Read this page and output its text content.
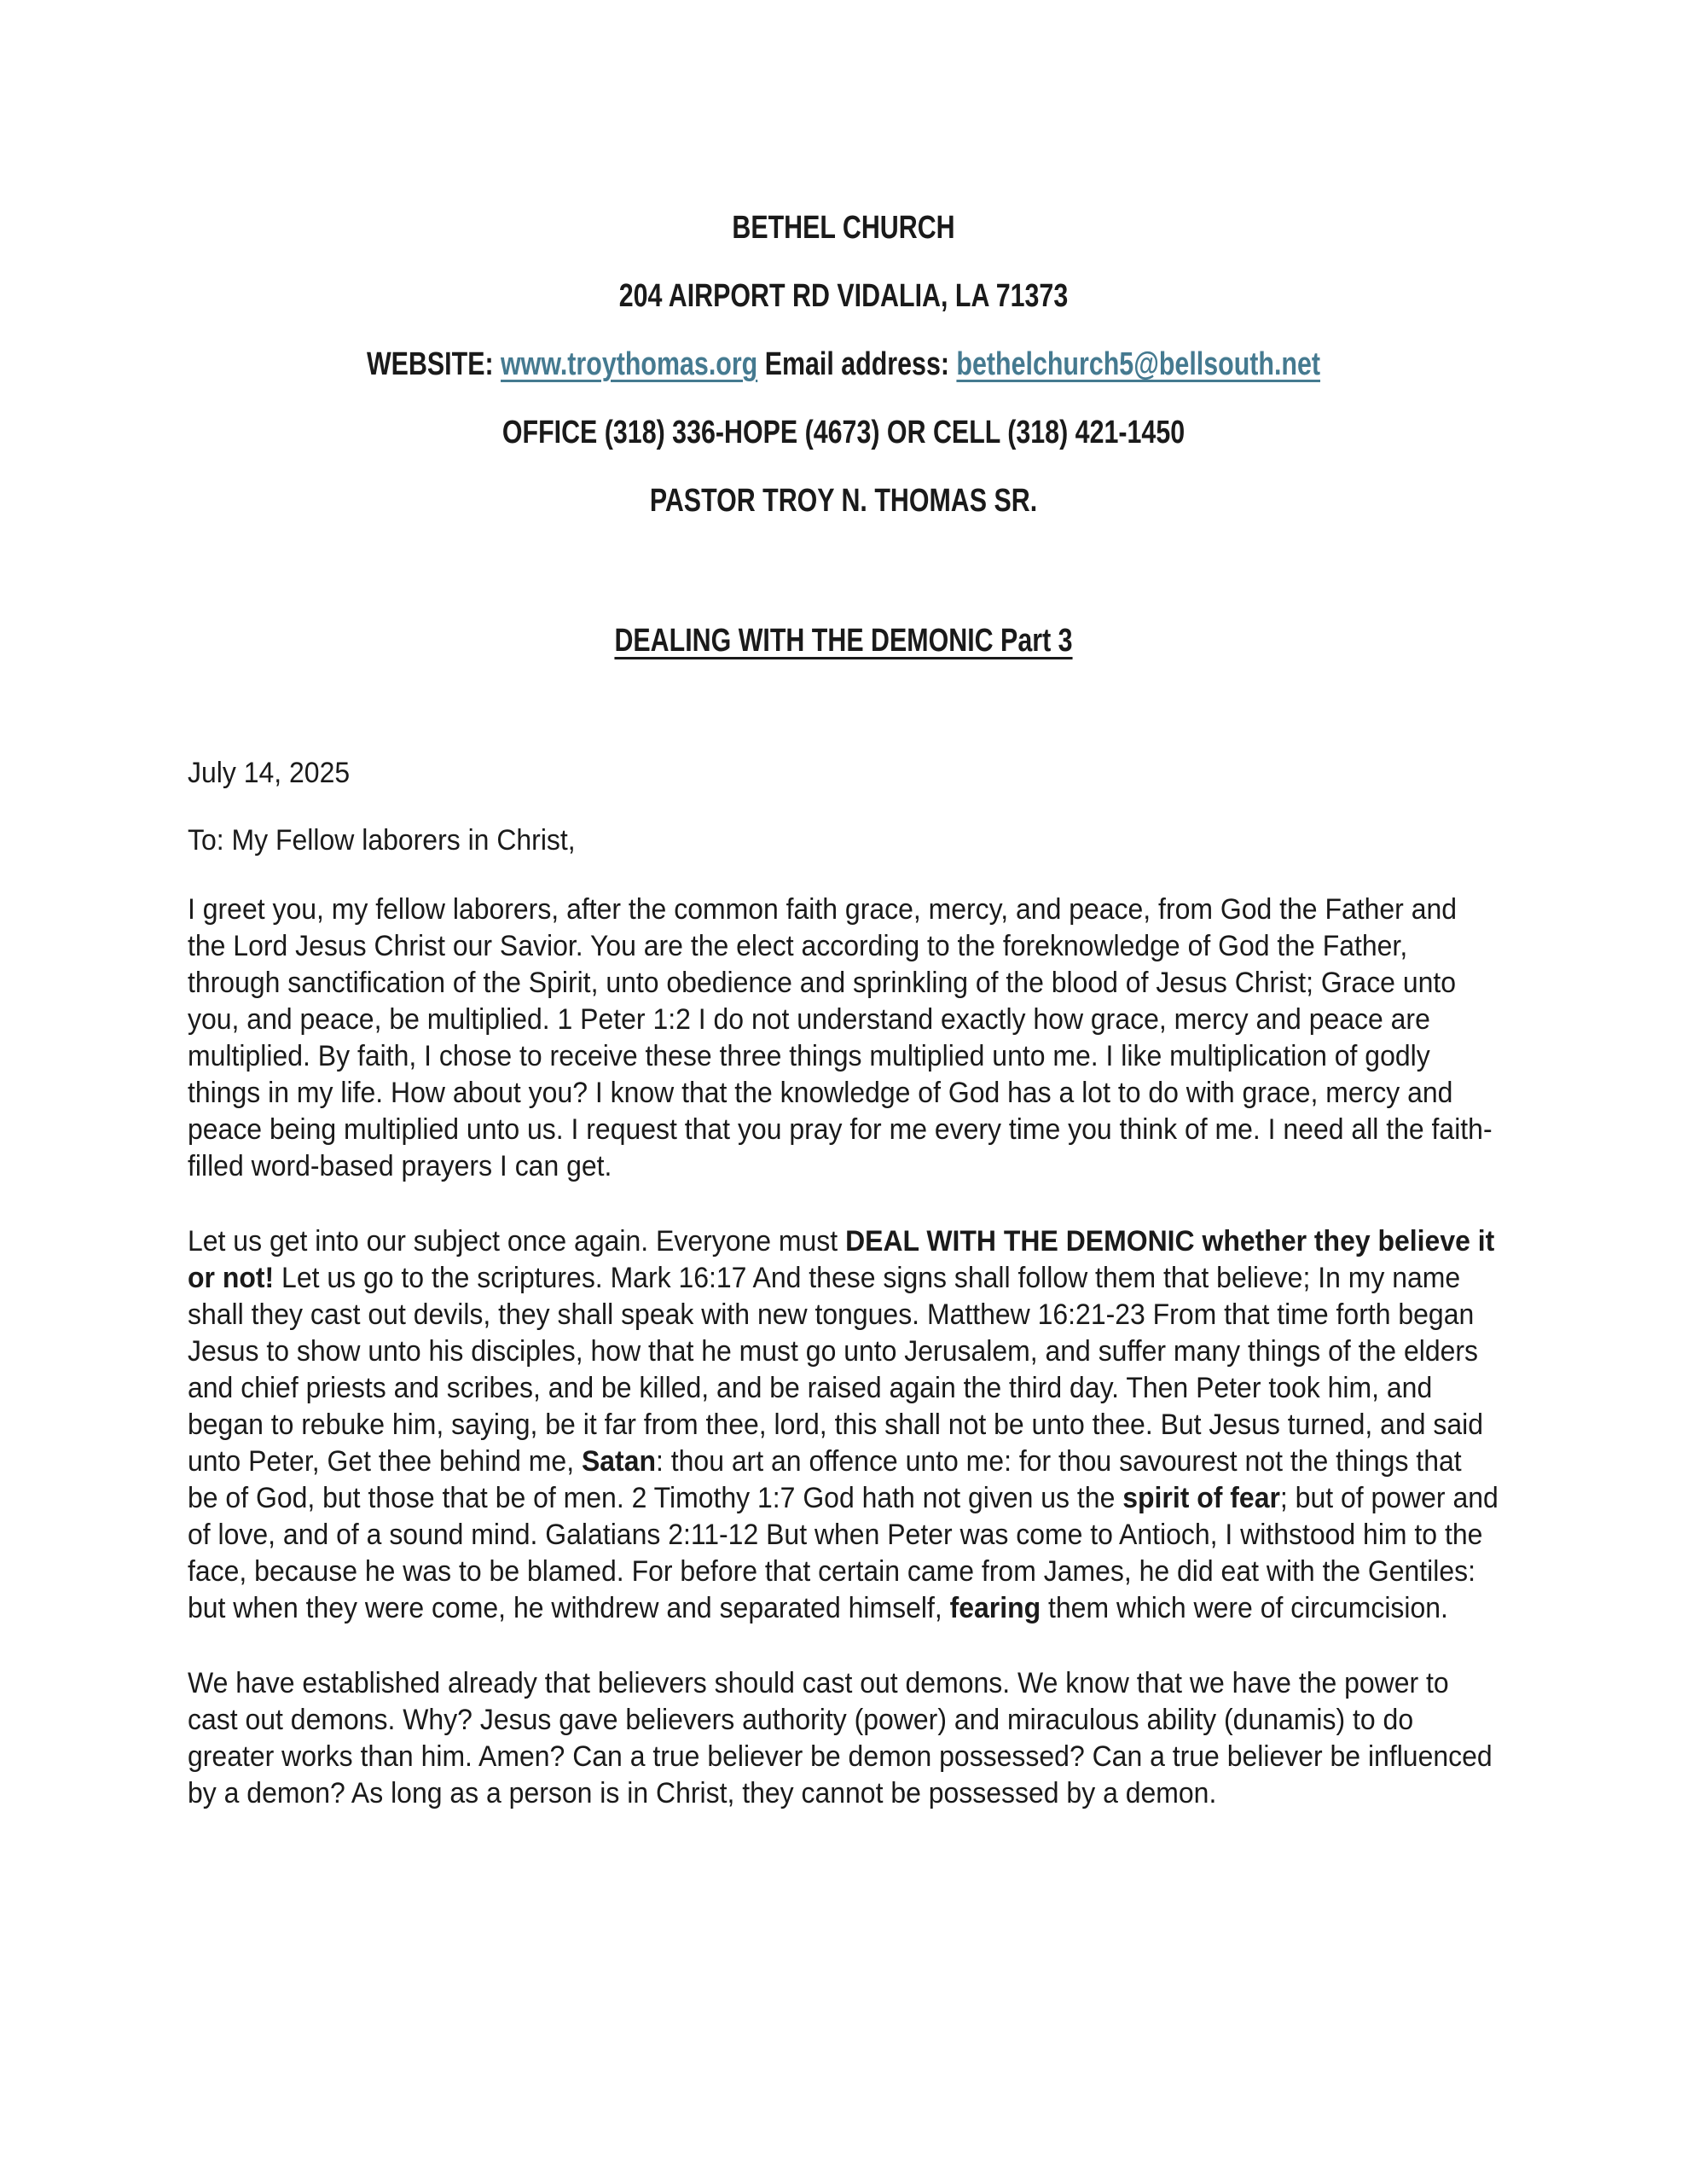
BETHEL CHURCH

204 AIRPORT RD VIDALIA, LA 71373

WEBSITE: www.troythomas.org Email address: bethelchurch5@bellsouth.net

OFFICE (318) 336-HOPE (4673) OR CELL (318) 421-1450

PASTOR TROY N. THOMAS SR.

DEALING WITH THE DEMONIC Part 3

July 14, 2025

To: My Fellow laborers in Christ,

I greet you, my fellow laborers, after the common faith grace, mercy, and peace, from God the Father and the Lord Jesus Christ our Savior. You are the elect according to the foreknowledge of God the Father, through sanctification of the Spirit, unto obedience and sprinkling of the blood of Jesus Christ; Grace unto you, and peace, be multiplied. 1 Peter 1:2 I do not understand exactly how grace, mercy and peace are multiplied. By faith, I chose to receive these three things multiplied unto me. I like multiplication of godly things in my life. How about you? I know that the knowledge of God has a lot to do with grace, mercy and peace being multiplied unto us. I request that you pray for me every time you think of me. I need all the faith-filled word-based prayers I can get.

Let us get into our subject once again. Everyone must DEAL WITH THE DEMONIC whether they believe it or not! Let us go to the scriptures. Mark 16:17 And these signs shall follow them that believe; In my name shall they cast out devils, they shall speak with new tongues. Matthew 16:21-23 From that time forth began Jesus to show unto his disciples, how that he must go unto Jerusalem, and suffer many things of the elders and chief priests and scribes, and be killed, and be raised again the third day. Then Peter took him, and began to rebuke him, saying, be it far from thee, lord, this shall not be unto thee. But Jesus turned, and said unto Peter, Get thee behind me, Satan: thou art an offence unto me: for thou savourest not the things that be of God, but those that be of men. 2 Timothy 1:7 God hath not given us the spirit of fear; but of power and of love, and of a sound mind. Galatians 2:11-12 But when Peter was come to Antioch, I withstood him to the face, because he was to be blamed. For before that certain came from James, he did eat with the Gentiles: but when they were come, he withdrew and separated himself, fearing them which were of circumcision.

We have established already that believers should cast out demons. We know that we have the power to cast out demons. Why? Jesus gave believers authority (power) and miraculous ability (dunamis) to do greater works than him. Amen? Can a true believer be demon possessed? Can a true believer be influenced by a demon? As long as a person is in Christ, they cannot be possessed by a demon.
